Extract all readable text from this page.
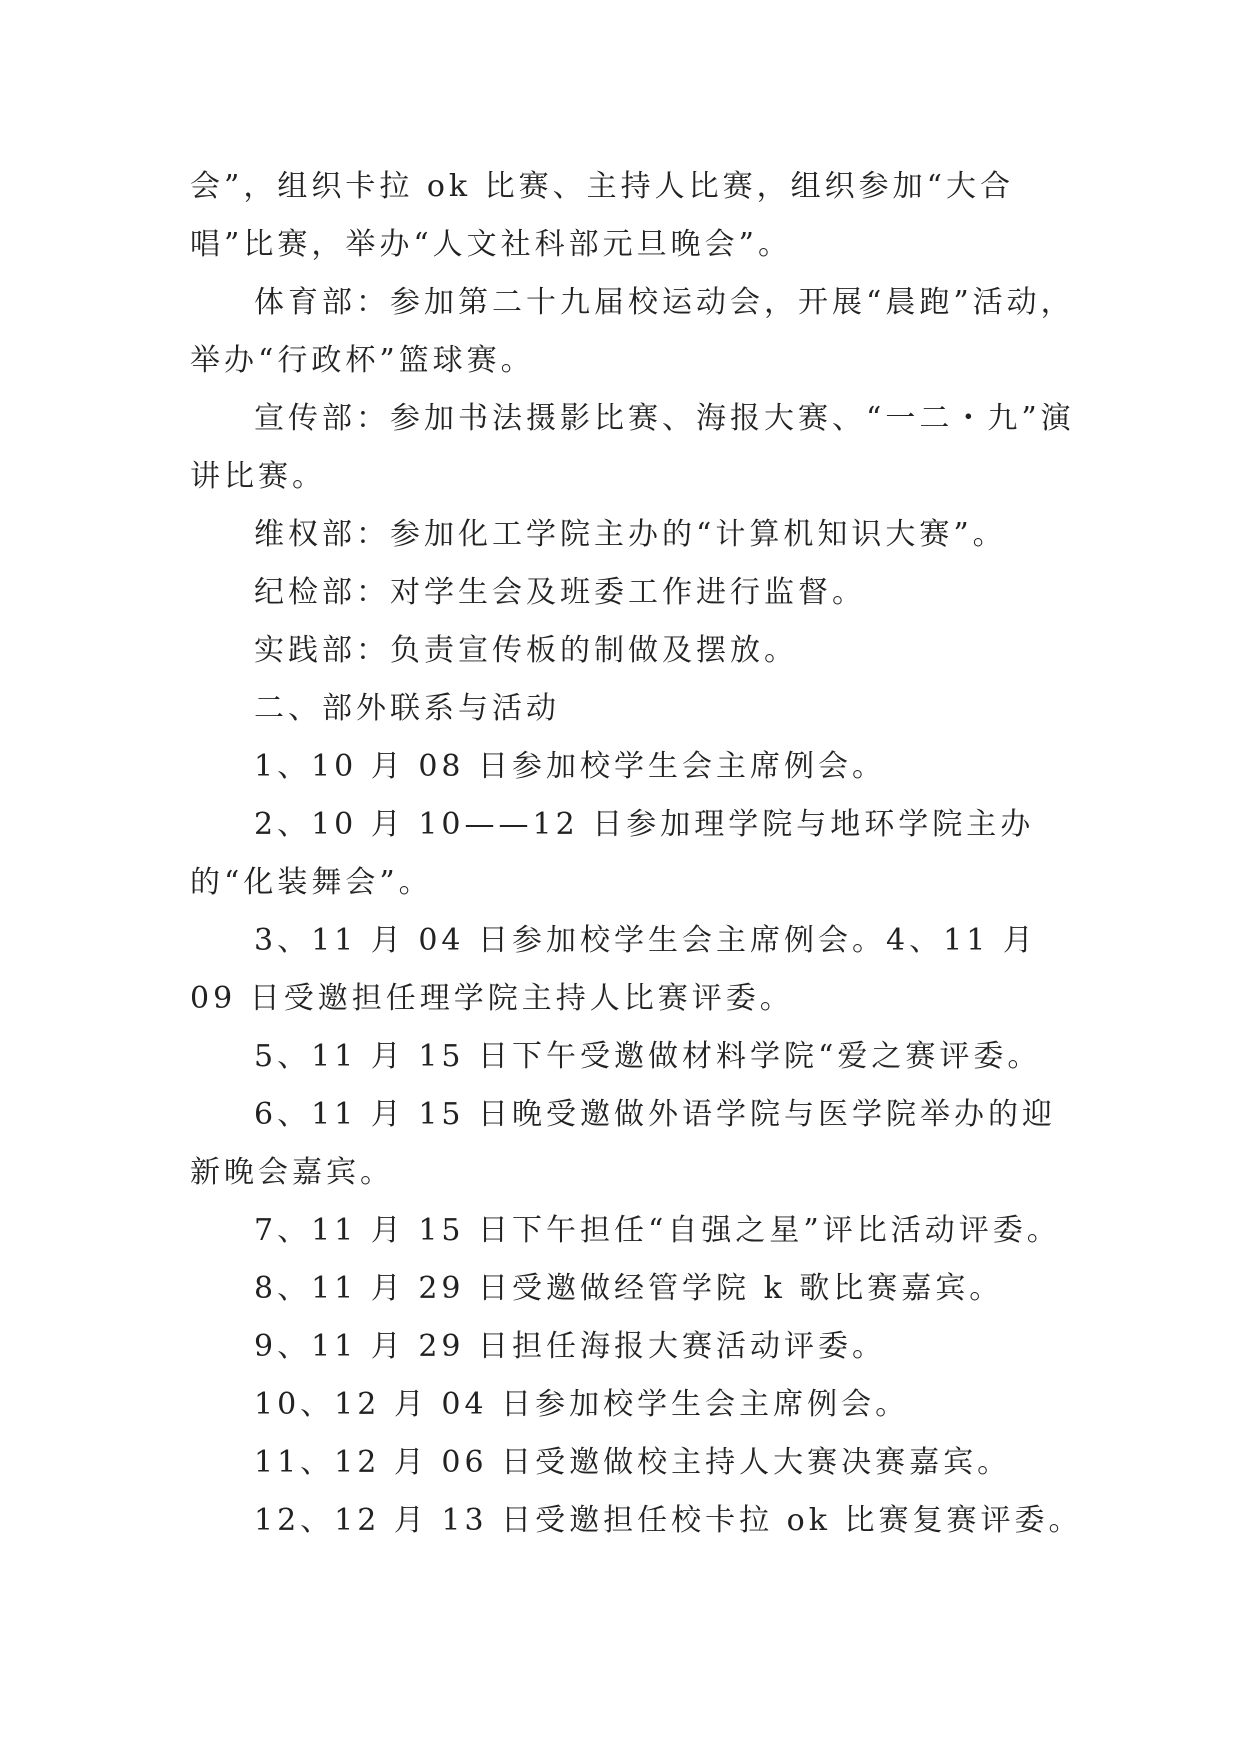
会”，组织卡拉 ok 比赛、主持人比赛，组织参加“大合唱”比赛，举办“人文社科部元旦晚会”。

体育部：参加第二十九届校运动会，开展“晨跑”活动，举办“行政杯”篮球赛。

宣传部：参加书法摄影比赛、海报大赛、“一二・九”演讲比赛。

维权部：参加化工学院主办的“计算机知识大赛”。

纪检部：对学生会及班委工作进行监督。

实践部：负责宣传板的制做及摆放。

二、部外联系与活动

1、10 月 08 日参加校学生会主席例会。

2、10 月 10——12 日参加理学院与地环学院主办的“化装舞会”。

3、11 月 04 日参加校学生会主席例会。4、11 月 09 日受邀担任理学院主持人比赛评委。

5、11 月 15 日下午受邀做材料学院“爱之赛评委。

6、11 月 15 日晚受邀做外语学院与医学院举办的迎新晚会嘉宾。

7、11 月 15 日下午担任“自强之星”评比活动评委。

8、11 月 29 日受邀做经管学院 k 歌比赛嘉宾。

9、11 月 29 日担任海报大赛活动评委。

10、12 月 04 日参加校学生会主席例会。

11、12 月 06 日受邀做校主持人大赛决赛嘉宾。

12、12 月 13 日受邀担任校卡拉 ok 比赛复赛评委。
